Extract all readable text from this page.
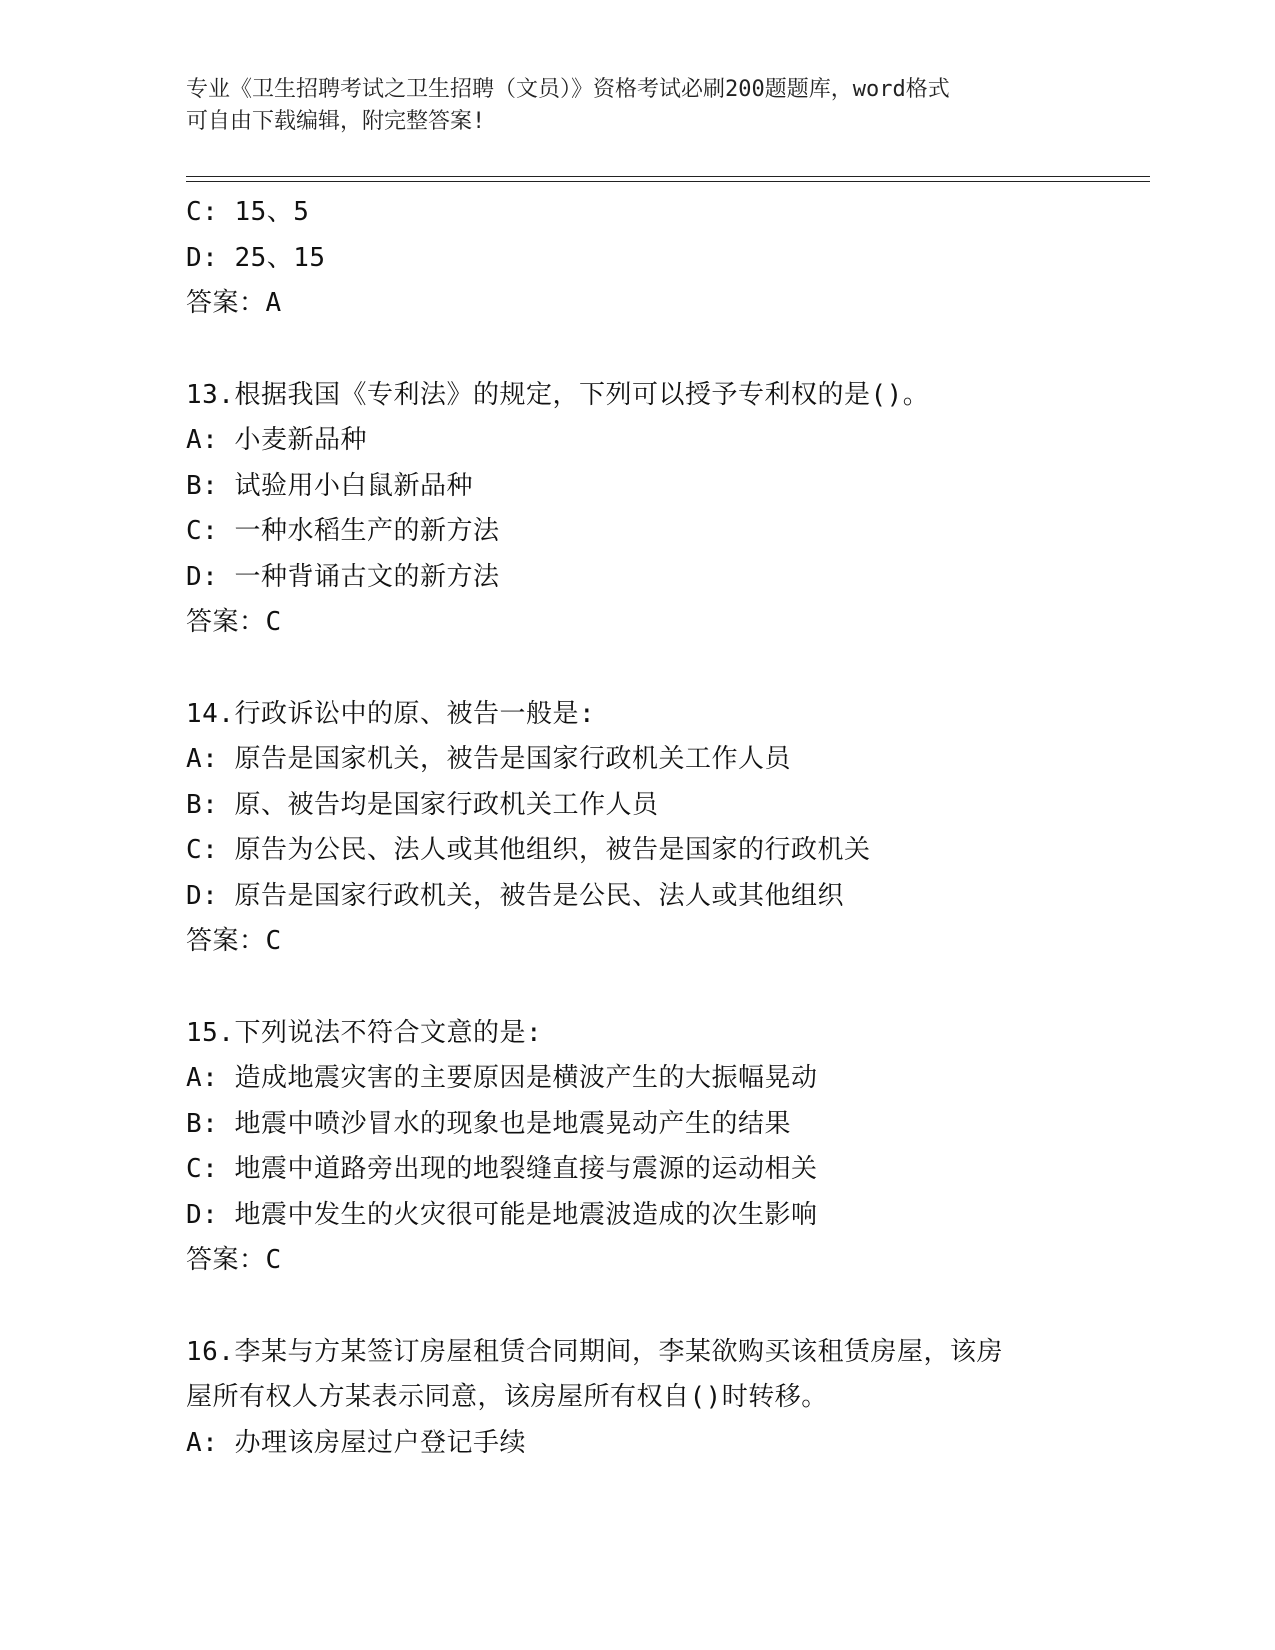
专业《卫生招聘考试之卫生招聘（文员）》资格考试必刷200题题库，word格式
可自由下载编辑，附完整答案!

C: 15、5

D: 25、15

答案：A

13.根据我国《专利法》的规定，下列可以授予专利权的是()。

A: 小麦新品种

B: 试验用小白鼠新品种

C: 一种水稻生产的新方法

D: 一种背诵古文的新方法

答案：C

14.行政诉讼中的原、被告一般是:

A: 原告是国家机关，被告是国家行政机关工作人员

B: 原、被告均是国家行政机关工作人员

C: 原告为公民、法人或其他组织，被告是国家的行政机关

D: 原告是国家行政机关，被告是公民、法人或其他组织

答案：C

15.下列说法不符合文意的是:

A: 造成地震灾害的主要原因是横波产生的大振幅晃动

B: 地震中喷沙冒水的现象也是地震晃动产生的结果

C: 地震中道路旁出现的地裂缝直接与震源的运动相关

D: 地震中发生的火灾很可能是地震波造成的次生影响

答案：C

16.李某与方某签订房屋租赁合同期间，李某欲购买该租赁房屋，该房

屋所有权人方某表示同意，该房屋所有权自()时转移。

A: 办理该房屋过户登记手续
